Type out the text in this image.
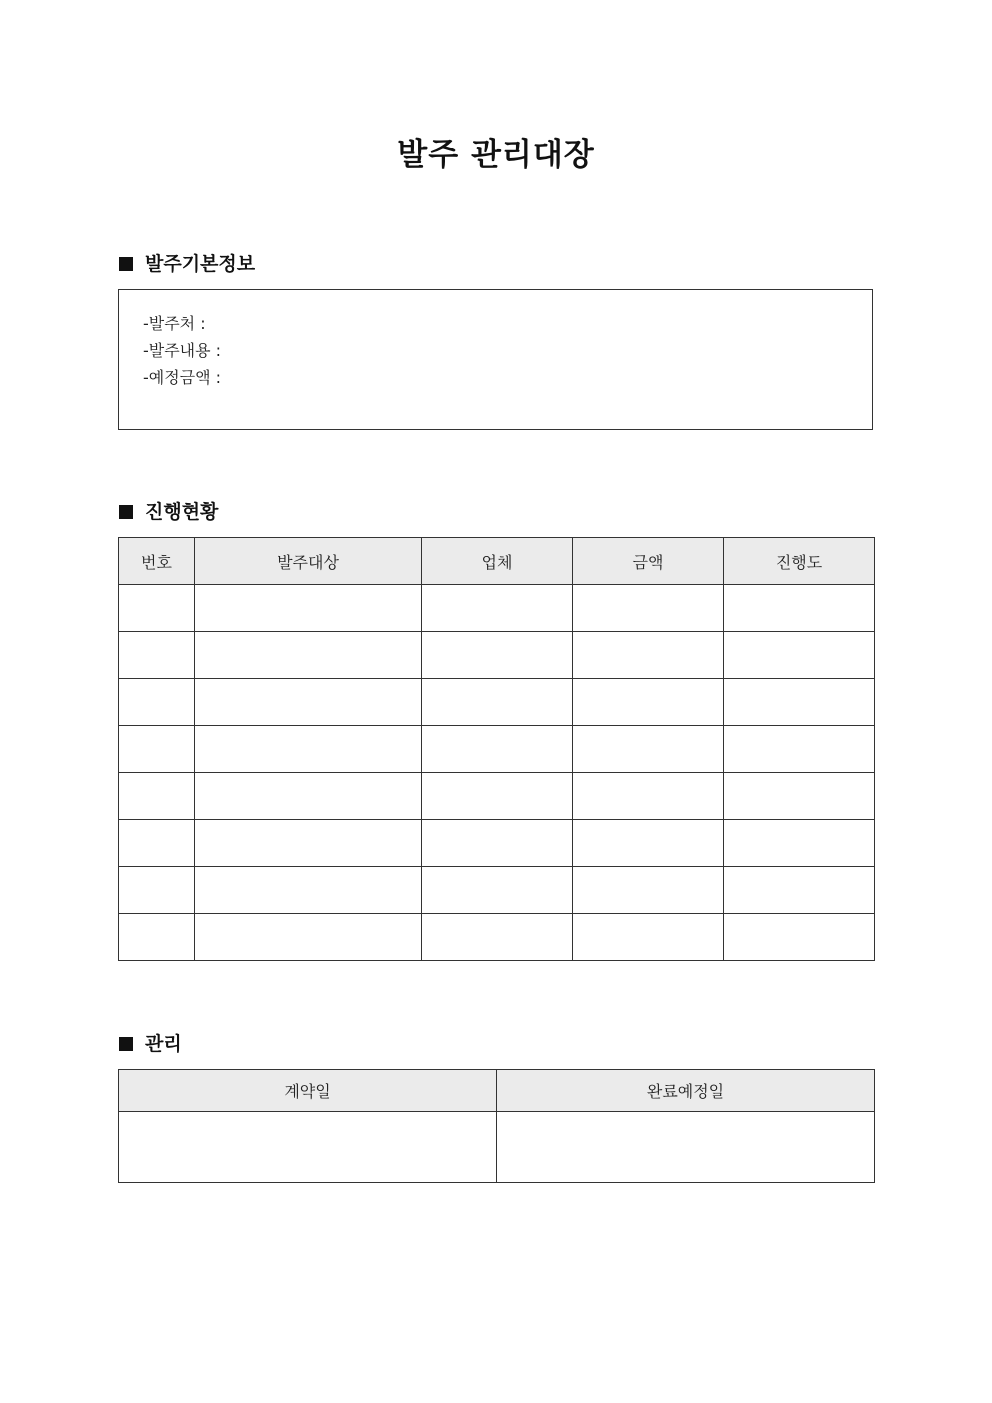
발주 관리대장
발주기본정보
-발주처 :
-발주내용 :
-예정금액 :
진행현황
번호	발주대상	업체	금액	진행도

관리
계약일	완료예정일
